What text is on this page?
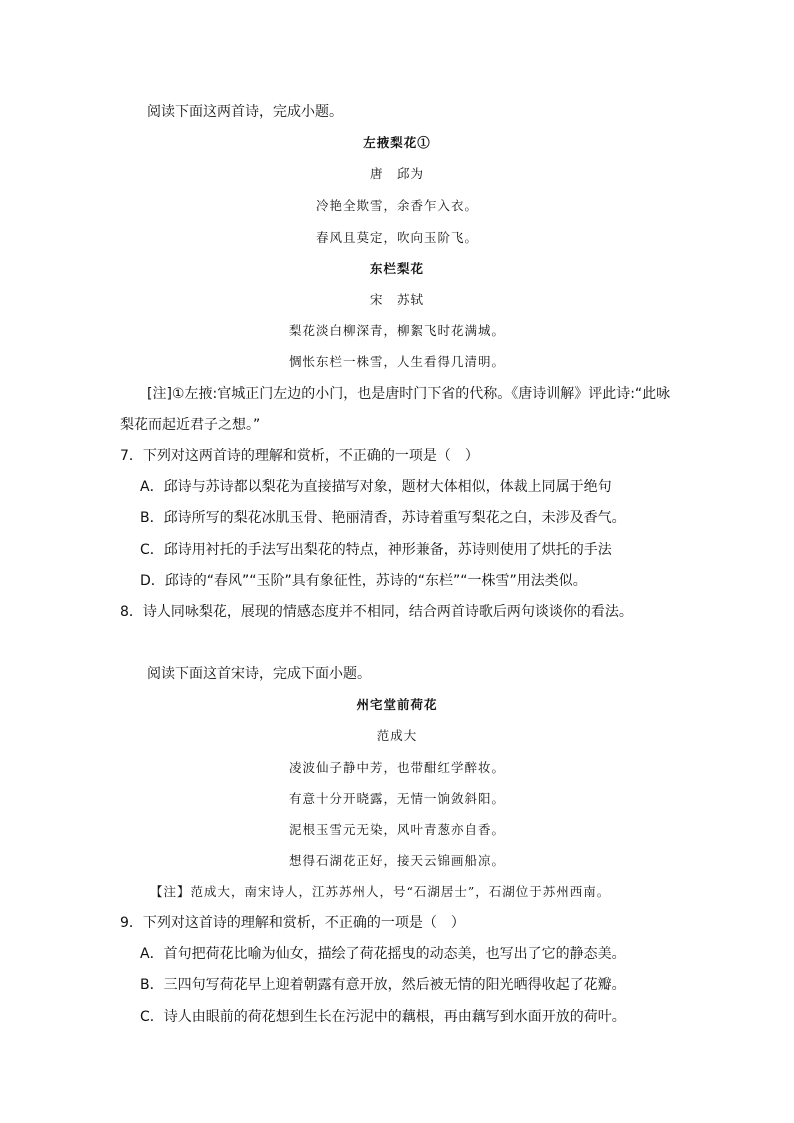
阅读下面这两首诗，完成小题。
左掖梨花①
唐　邱为
冷艳全欺雪，余香乍入衣。
春风且莫定，吹向玉阶飞。
东栏梨花
宋　苏轼
梨花淡白柳深青，柳絮飞时花满城。
惆怅东栏一株雪，人生看得几清明。
[注]①左掖:官城正门左边的小门，也是唐时门下省的代称。《唐诗训解》评此诗:“此咏
梨花而起近君子之想。”
7．下列对这两首诗的理解和赏析，不正确的一项是（　）
A．邱诗与苏诗都以梨花为直接描写对象，题材大体相似，体裁上同属于绝句
B．邱诗所写的梨花冰肌玉骨、艳丽清香，苏诗着重写梨花之白，未涉及香气。
C．邱诗用衬托的手法写出梨花的特点，神形兼备，苏诗则使用了烘托的手法
D．邱诗的“春风”“玉阶”具有象征性，苏诗的“东栏”“一株雪”用法类似。
8．诗人同咏梨花，展现的情感态度并不相同，结合两首诗歌后两句谈谈你的看法。
阅读下面这首宋诗，完成下面小题。
州宅堂前荷花
范成大
凌波仙子静中芳，也带酣红学醉妆。
有意十分开晓露，无情一饷敛斜阳。
泥根玉雪元无染，风叶青葱亦自香。
想得石湖花正好，接天云锦画船凉。
【注】范成大，南宋诗人，江苏苏州人，号“石湖居士”，石湖位于苏州西南。
9．下列对这首诗的理解和赏析，不正确的一项是（　）
A．首句把荷花比喻为仙女，描绘了荷花摇曳的动态美，也写出了它的静态美。
B．三四句写荷花早上迎着朝露有意开放，然后被无情的阳光晒得收起了花瓣。
C．诗人由眼前的荷花想到生长在污泥中的藕根，再由藕写到水面开放的荷叶。
